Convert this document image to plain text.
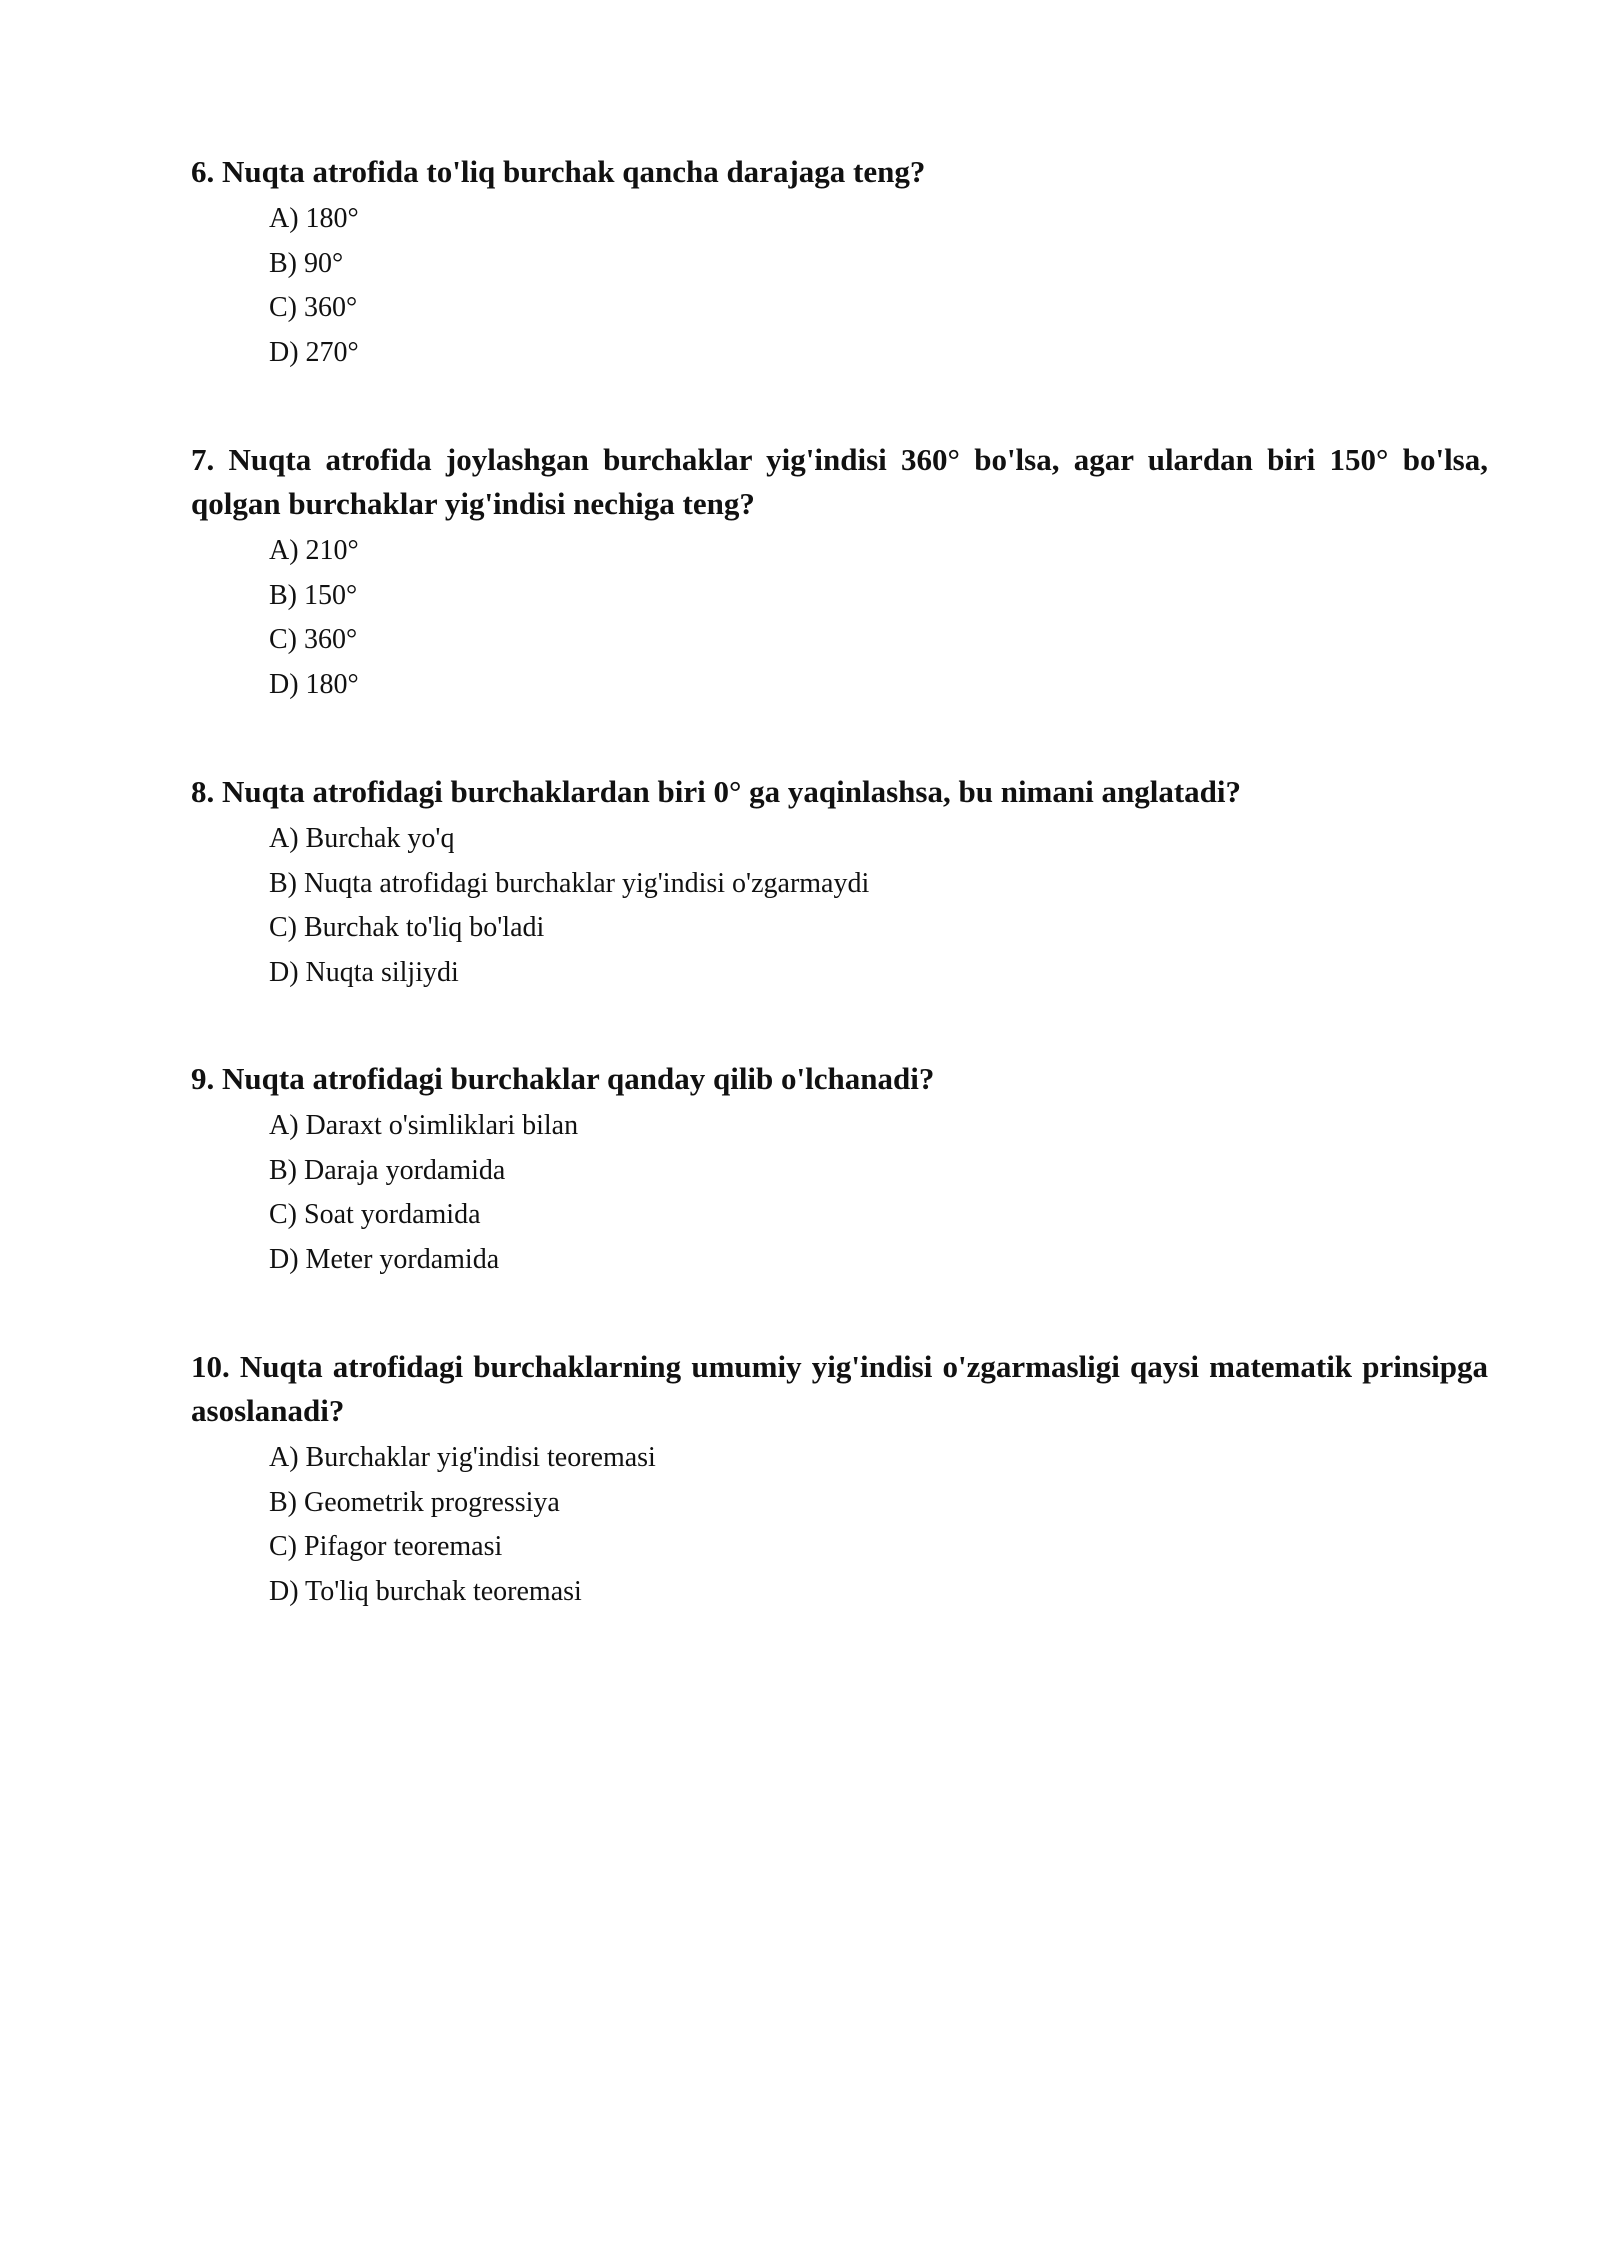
6. Nuqta atrofida to'liq burchak qancha darajaga teng?

A) 180°
B) 90°
C) 360°
D) 270°

7. Nuqta atrofida joylashgan burchaklar yig'indisi 360° bo'lsa, agar ulardan biri 150° bo'lsa, qolgan burchaklar yig'indisi nechiga teng?

A) 210°
B) 150°
C) 360°
D) 180°

8. Nuqta atrofidagi burchaklardan biri 0° ga yaqinlashsa, bu nimani anglatadi?

A) Burchak yo'q
B) Nuqta atrofidagi burchaklar yig'indisi o'zgarmaydi
C) Burchak to'liq bo'ladi
D) Nuqta siljiydi

9. Nuqta atrofidagi burchaklar qanday qilib o'lchanadi?

A) Daraxt o'simliklari bilan
B) Daraja yordamida
C) Soat yordamida
D) Meter yordamida

10. Nuqta atrofidagi burchaklarning umumiy yig'indisi o'zgarmasligi qaysi matematik prinsipga asoslanadi?

A) Burchaklar yig'indisi teoremasi
B) Geometrik progressiya
C) Pifagor teoremasi
D) To'liq burchak teoremasi
